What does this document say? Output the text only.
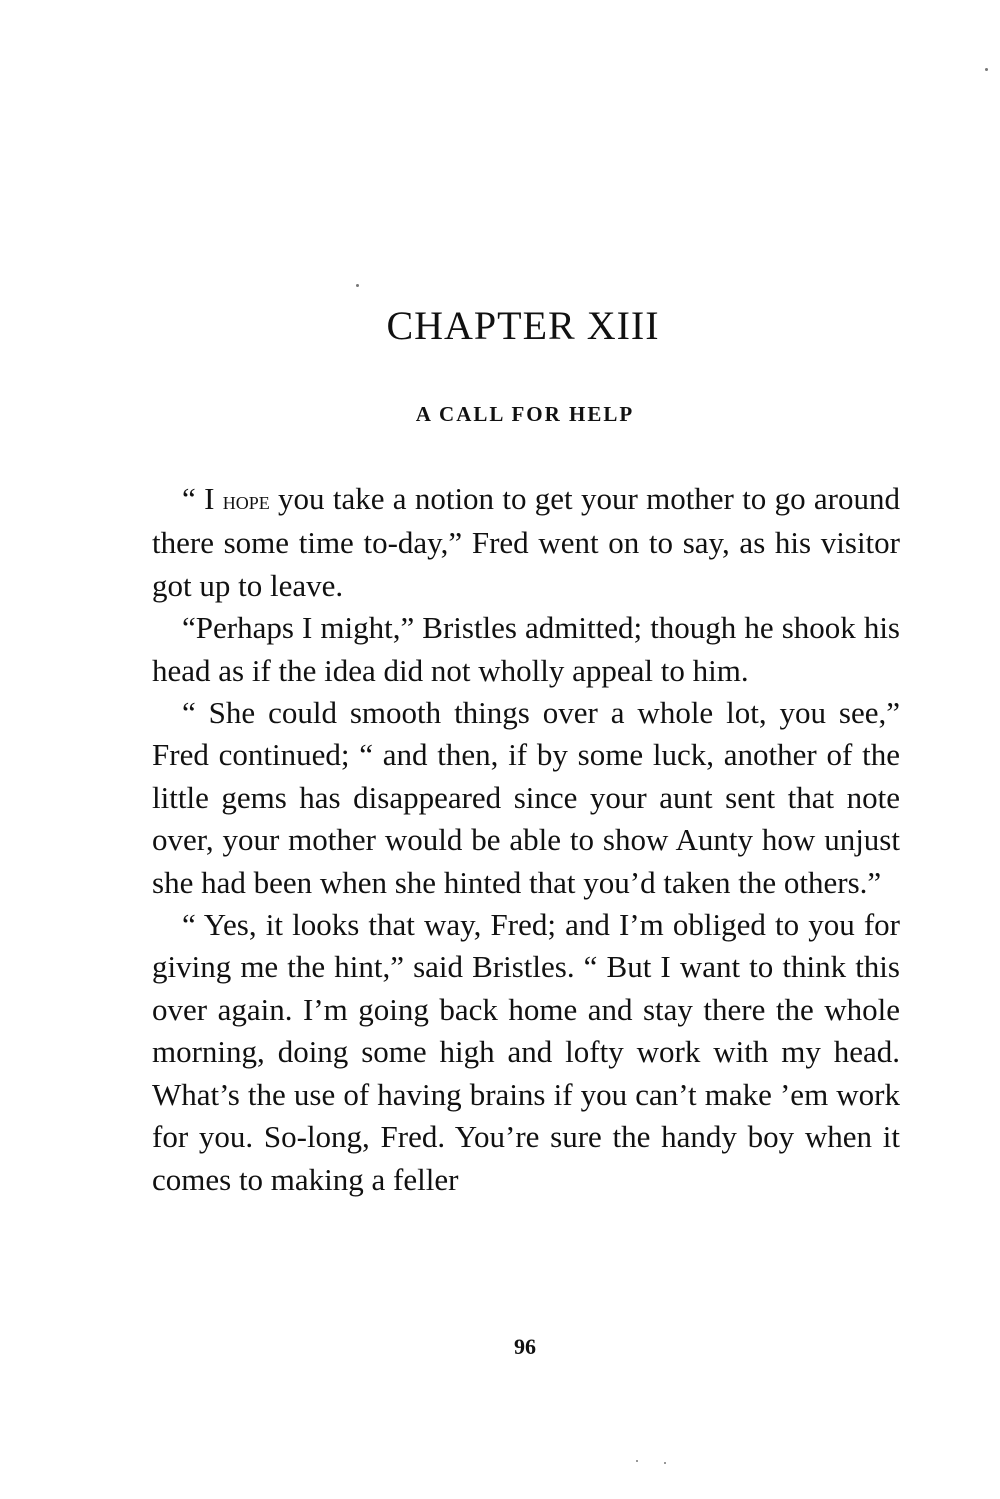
CHAPTER XIII
A CALL FOR HELP

“ I hope you take a notion to get your mother to go around there some time to-day,” Fred went on to say, as his visitor got up to leave.

“Perhaps I might,” Bristles admitted; though he shook his head as if the idea did not wholly appeal to him.

“ She could smooth things over a whole lot, you see,” Fred continued; “ and then, if by some luck, another of the little gems has disappeared since your aunt sent that note over, your mother would be able to show Aunty how unjust she had been when she hinted that you’d taken the others.”

“ Yes, it looks that way, Fred; and I’m obliged to you for giving me the hint,” said Bristles. “ But I want to think this over again. I’m going back home and stay there the whole morning, doing some high and lofty work with my head. What’s the use of having brains if you can’t make ’em work for you. So-long, Fred. You’re sure the handy boy when it comes to making a feller

96
